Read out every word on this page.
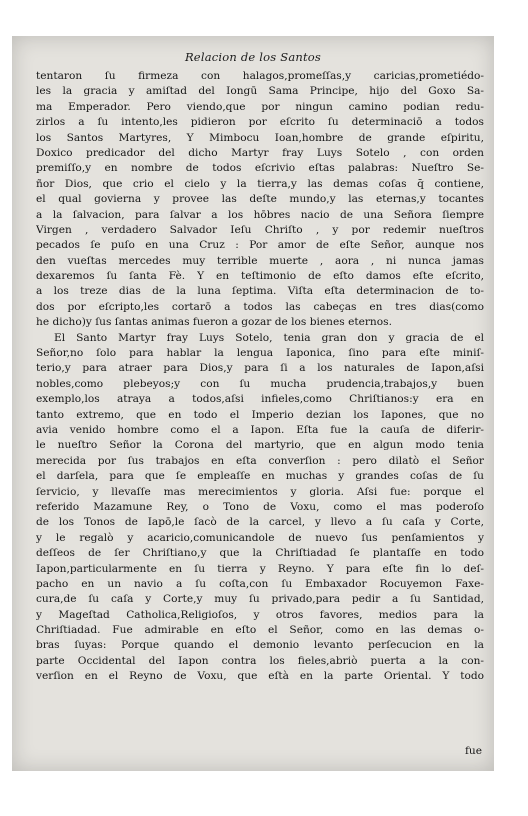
Relacion de los Santos
tentaron ſu firmeza con halagos,promeſſas,y caricias,prometiédo-
les la gracia y amiſtad del Iongū Sama Principe, hijo del Goxo Sa-
ma Emperador. Pero viendo,que por ningun camino podian redu-
zirlos a ſu intento,les pidieron por eſcrito ſu determinaciō a todos
los Santos Martyres, Y Mimbocu Ioan,hombre de grande eſpiritu,
Doxico predicador del dicho Martyr fray Luys Sotelo , con orden
premiſſo,y en nombre de todos eſcrivio eſtas palabras: Nueſtro Se-
ñor Dios, que crio el cielo y la tierra,y las demas coſas q̄ contiene,
el qual govierna y provee las deſte mundo,y las eternas,y tocantes
a la ſalvacion, para ſalvar a los hōbres nacio de una Señora ſiempre
Virgen , verdadero Salvador Ieſu Chriſto , y por redemir nueſtros
pecados ſe puſo en una Cruz : Por amor de eſte Señor, aunque nos
den vueſtas mercedes muy terrible muerte , aora , ni nunca jamas
dexaremos ſu ſanta Fè. Y en teſtimonio de eſto damos eſte eſcrito,
a los treze dias de la luna ſeptima. Viſta eſta determinacion de to-
dos por eſcripto,les cortarō a todos las cabeças en tres dias(como
he dicho)y ſus ſantas animas fueron a gozar de los bienes eternos.
El Santo Martyr fray Luys Sotelo, tenia gran don y gracia de el
Señor,no ſolo para hablar la lengua Iaponica, ſino para eſte miniſ-
terio,y para atraer para Dios,y para ſi a los naturales de Iapon,aſsi
nobles,como plebeyos;y con ſu mucha prudencia,trabajos,y buen
exemplo,los atraya a todos,aſsi infieles,como Chriſtianos:y era en
tanto extremo, que en todo el Imperio dezian los Iapones, que no
avia venido hombre como el a Iapon. Eſta fue la cauſa de diferir-
le nueſtro Señor la Corona del martyrio, que en algun modo tenia
merecida por ſus trabajos en eſta converſion : pero dilatò el Señor
el darſela, para que ſe empleaſſe en muchas y grandes coſas de ſu
ſervicio, y llevaſſe mas merecimientos y gloria. Aſsi fue: porque el
referido Mazamune Rey, o Tono de Voxu, como el mas poderoſo
de los Tonos de Iapō,le ſacò de la carcel, y llevo a ſu caſa y Corte,
y le regalò y acaricio,comunicandole de nuevo ſus penſamientos y
deſſeos de ſer Chriſtiano,y que la Chriſtiadad ſe plantaſſe en todo
Iapon,particularmente en ſu tierra y Reyno. Y para eſte fin lo deſ-
pacho en un navio a ſu coſta,con ſu Embaxador Rocuyemon Faxe-
cura,de ſu caſa y Corte,y muy ſu privado,para pedir a ſu Santidad,
y Mageſtad Catholica,Religioſos, y otros favores, medios para la
Chriſtiadad. Fue admirable en eſto el Señor, como en las demas o-
bras ſuyas: Porque quando el demonio levanto perſecucion en la
parte Occidental del Iapon contra los fieles,abriò puerta a la con-
verſion en el Reyno de Voxu, que eſtà en la parte Oriental. Y todo
fue
